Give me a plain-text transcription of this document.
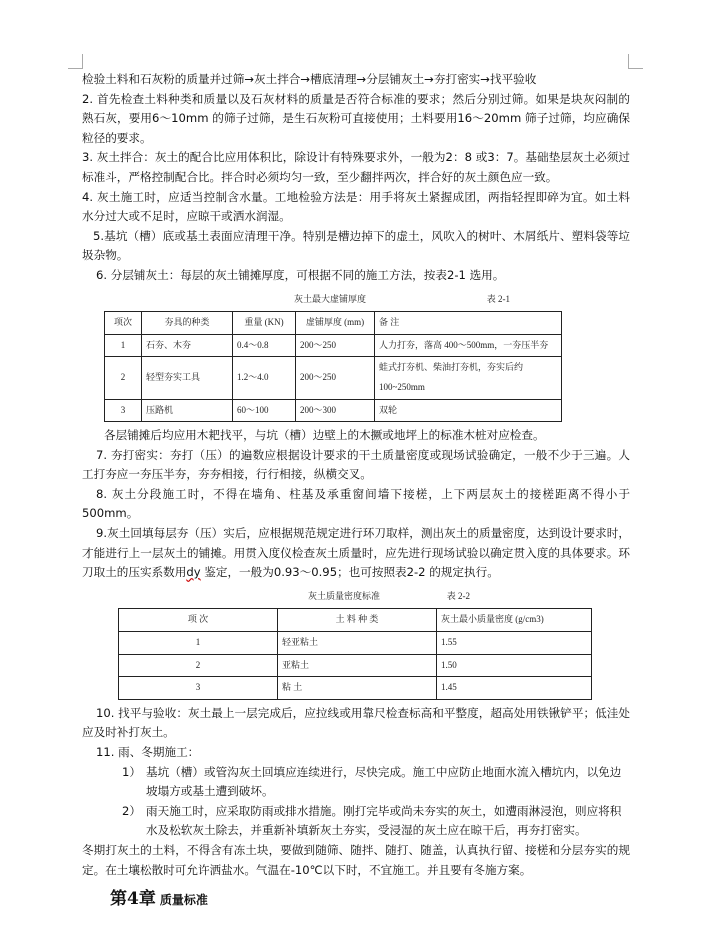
检验土料和石灰粉的质量并过筛→灰土拌合→槽底清理→分层铺灰土→夯打密实→找平验收

2. 首先检查土料种类和质量以及石灰材料的质量是否符合标准的要求；然后分别过筛。如果是块灰闷制的熟石灰，要用6～10mm 的筛子过筛，是生石灰粉可直接使用；土料要用16～20mm 筛子过筛，均应确保粒径的要求。

3. 灰土拌合：灰土的配合比应用体积比，除设计有特殊要求外，一般为2：8 或3：7。基础垫层灰土必须过标准斗，严格控制配合比。拌合时必须均匀一致，至少翻拌两次，拌合好的灰土颜色应一致。

4. 灰土施工时，应适当控制含水量。工地检验方法是：用手将灰土紧握成团，两指轻捏即碎为宜。如土料水分过大或不足时，应晾干或洒水润湿。

5.基坑（槽）底或基土表面应清理干净。特别是槽边掉下的虚土，风吹入的树叶、木屑纸片、塑料袋等垃圾杂物。

6. 分层铺灰土：每层的灰土铺摊厚度，可根据不同的施工方法，按表2-1 选用。

灰土最大虚铺厚度	表 2-1
项次	夯具的种类	重量 (KN)	虚铺厚度 (mm)	备 注
1	石夯、木夯	0.4～0.8	200～250	人力打夯，落高 400～500mm，一夯压半夯
2	轻型夯实工具	1.2～4.0	200～250	蛙式打夯机、柴油打夯机，夯实后约 100~250mm
3	压路机	60～100	200～300	双轮

各层铺摊后均应用木耙找平，与坑（槽）边壁上的木撅或地坪上的标准木桩对应检查。

7. 夯打密实：夯打（压）的遍数应根据设计要求的干土质量密度或现场试验确定，一般不少于三遍。人工打夯应一夯压半夯，夯夯相接，行行相接，纵横交叉。

8. 灰土分段施工时，不得在墙角、柱基及承重窗间墙下接槎，上下两层灰土的接槎距离不得小于500mm。

9.灰土回填每层夯（压）实后，应根据规范规定进行环刀取样，测出灰土的质量密度，达到设计要求时，才能进行上一层灰土的铺摊。用贯入度仪检查灰土质量时，应先进行现场试验以确定贯入度的具体要求。环刀取土的压实系数用dy 鉴定，一般为0.93～0.95；也可按照表2-2 的规定执行。

灰土质量密度标准	表 2-2
项 次	土 料 种 类	灰土最小质量密度 (g/cm3)
1	轻亚粘土	1.55
2	亚粘土	1.50
3	粘 土	1.45

10. 找平与验收：灰土最上一层完成后，应拉线或用靠尺检查标高和平整度，超高处用铁锹铲平；低洼处应及时补打灰土。

11. 雨、冬期施工：

1） 基坑（槽）或管沟灰土回填应连续进行，尽快完成。施工中应防止地面水流入槽坑内，以免边坡塌方或基土遭到破坏。
2） 雨天施工时，应采取防雨或排水措施。刚打完毕或尚未夯实的灰土，如遭雨淋浸泡，则应将积水及松软灰土除去，并重新补填新灰土夯实，受浸湿的灰土应在晾干后，再夯打密实。

冬期打灰土的土料，不得含有冻土块，要做到随筛、随拌、随打、随盖，认真执行留、接槎和分层夯实的规定。在土壤松散时可允许洒盐水。气温在-10℃以下时，不宜施工。并且要有冬施方案。

第4章 质量标准
